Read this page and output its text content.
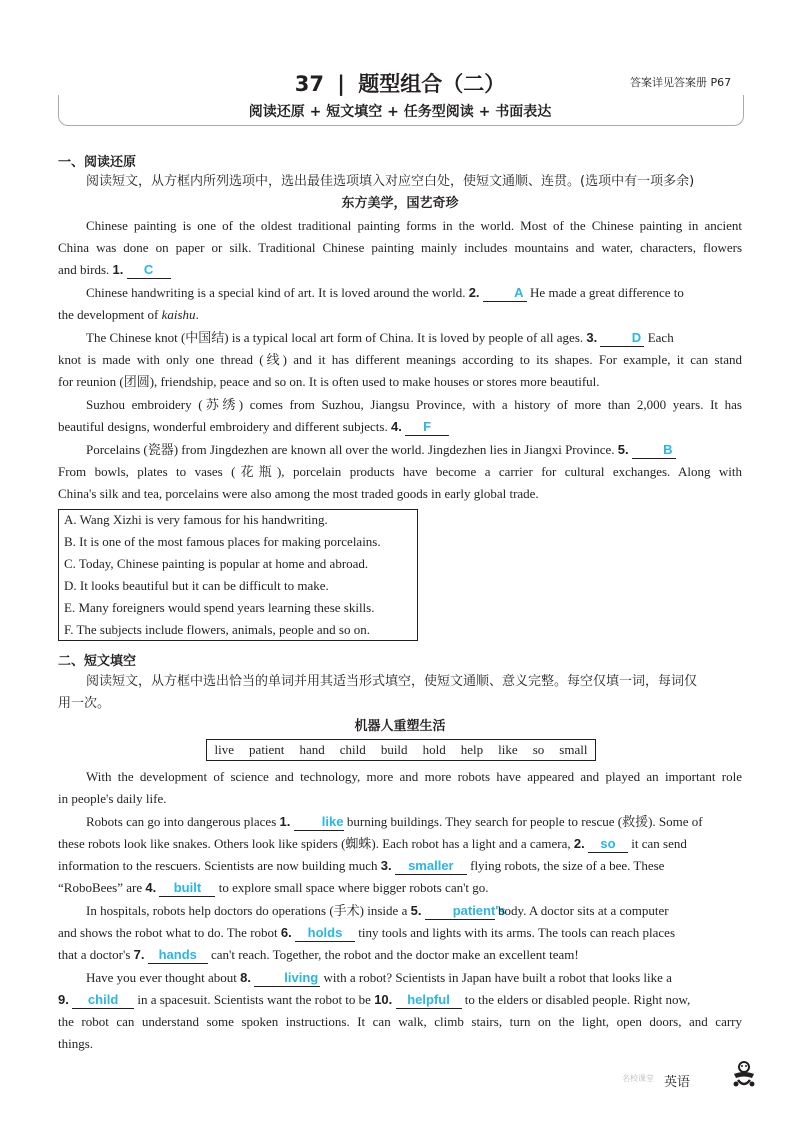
37 | 题型组合（二）	答案详见答案册 P67
阅读还原 + 短文填空 + 任务型阅读 + 书面表达
一、阅读还原
阅读短文，从方框内所列选项中，选出最佳选项填入对应空白处，使短文通顺、连贯。(选项中有一项多余)
东方美学，国艺奇珍
Chinese painting is one of the oldest traditional painting forms in the world. Most of the Chinese painting in ancient
China was done on paper or silk. Traditional Chinese painting mainly includes mountains and water, characters, flowers
and birds. 1. C
Chinese handwriting is a special kind of art. It is loved around the world. 2.	A He made a great difference to
the development of kaishu.
The Chinese knot (中国结) is a typical local art form of China. It is loved by people of all ages. 3.	D Each
knot is made with only one thread (线) and it has different meanings according to its shapes. For example, it can stand
for reunion (团圆), friendship, peace and so on. It is often used to make houses or stores more beautiful.
Suzhou embroidery (苏绣) comes from Suzhou, Jiangsu Province, with a history of more than 2,000 years. It has
beautiful designs, wonderful embroidery and different subjects. 4. F
Porcelains (瓷器) from Jingdezhen are known all over the world. Jingdezhen lies in Jiangxi Province. 5.	B
From bowls, plates to vases (花瓶), porcelain products have become a carrier for cultural exchanges. Along with
China's silk and tea, porcelains were also among the most traded goods in early global trade.
A. Wang Xizhi is very famous for his handwriting.
B. It is one of the most famous places for making porcelains.
C. Today, Chinese painting is popular at home and abroad.
D. It looks beautiful but it can be difficult to make.
E. Many foreigners would spend years learning these skills.
F. The subjects include flowers, animals, people and so on.
二、短文填空
阅读短文，从方框中选出恰当的单词并用其适当形式填空，使短文通顺、意义完整。每空仅填一词，每词仅
用一次。
机器人重塑生活
live patient hand child build hold help like so small
With the development of science and technology, more and more robots have appeared and played an important role
in people's daily life.
Robots can go into dangerous places 1. like burning buildings. They search for people to rescue (救援). Some of
these robots look like snakes. Others look like spiders (蜘蛛). Each robot has a light and a camera, 2. so it can send
information to the rescuers. Scientists are now building much 3. smaller flying robots, the size of a bee. These
“RoboBees” are 4. built to explore small space where bigger robots can't go.
In hospitals, robots help doctors do operations (手术) inside a 5. patient's body. A doctor sits at a computer
and shows the robot what to do. The robot 6. holds tiny tools and lights with its arms. The tools can reach places
that a doctor's 7. hands can't reach. Together, the robot and the doctor make an excellent team!
Have you ever thought about 8.	living with a robot? Scientists in Japan have built a robot that looks like a
9. child in a spacesuit. Scientists want the robot to be 10. helpful to the elders or disabled people. Right now,
the robot can understand some spoken instructions. It can walk, climb stairs, turn on the light, open doors, and carry
things.
名校课堂 英语
